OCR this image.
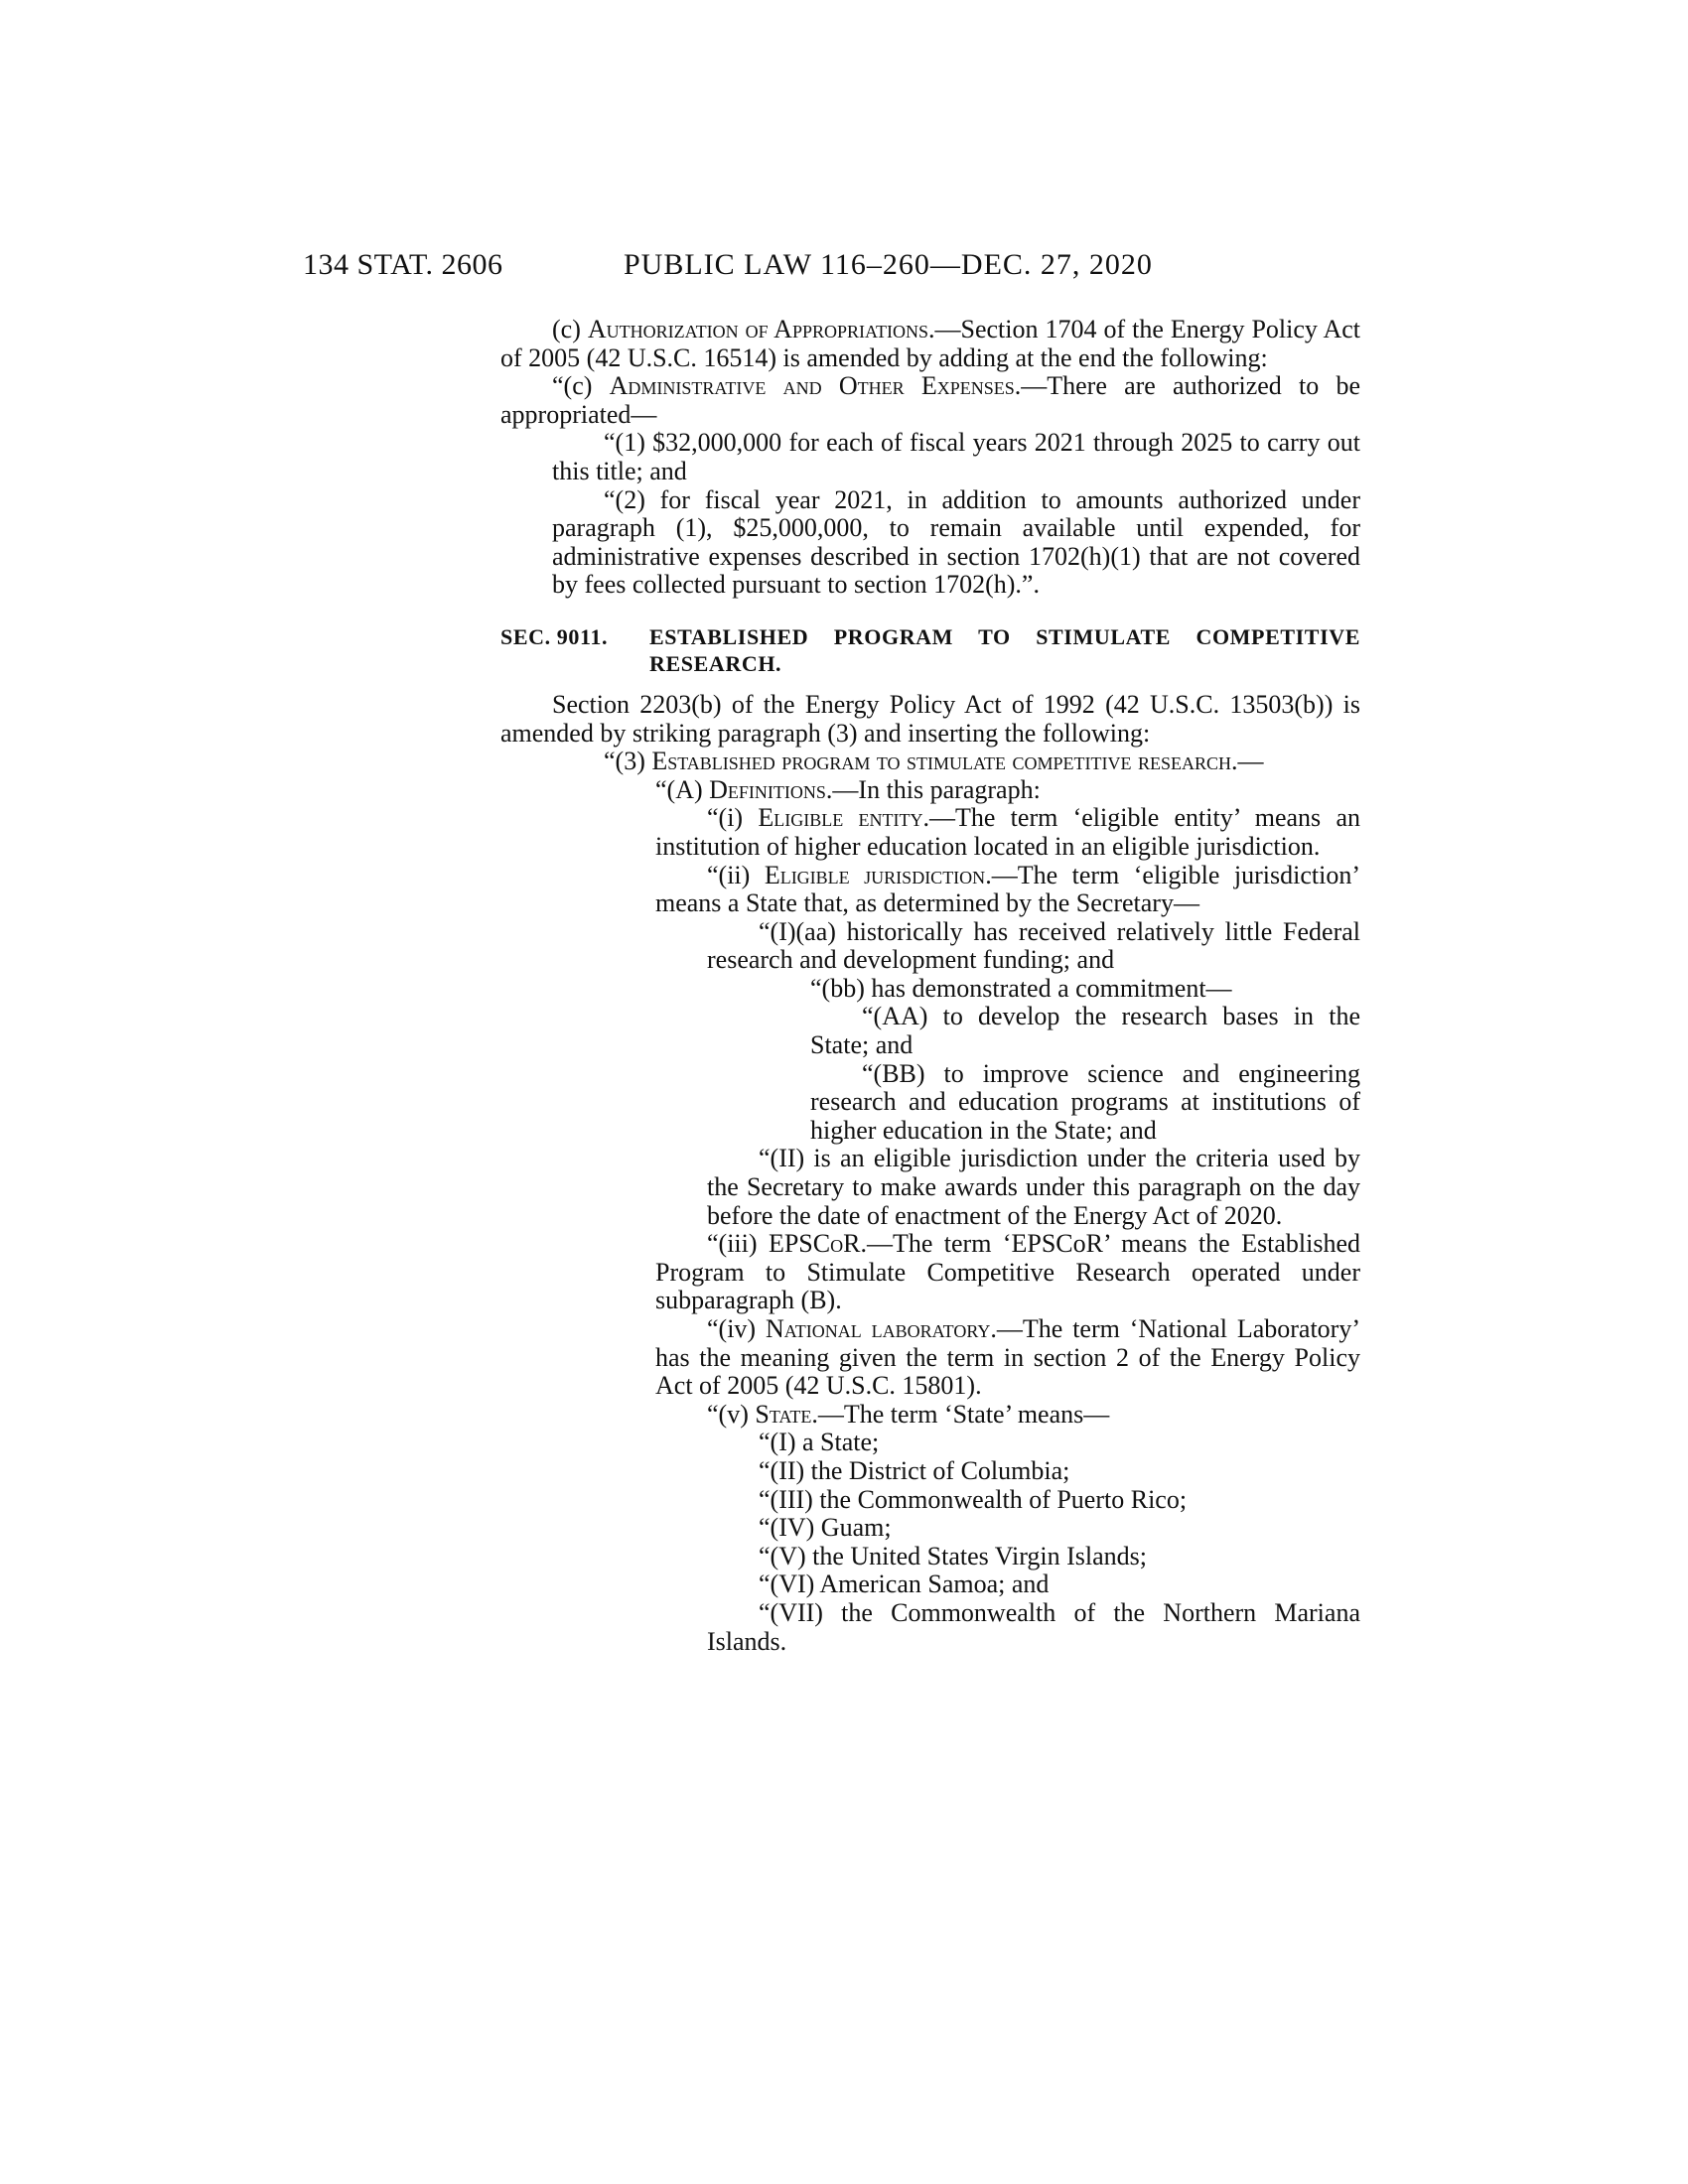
134 STAT. 2606	PUBLIC LAW 116–260—DEC. 27, 2020

(c) Authorization of Appropriations.—Section 1704 of the Energy Policy Act of 2005 (42 U.S.C. 16514) is amended by adding at the end the following:

“(c) Administrative and Other Expenses.—There are authorized to be appropriated—

“(1) $32,000,000 for each of fiscal years 2021 through 2025 to carry out this title; and

“(2) for fiscal year 2021, in addition to amounts authorized under paragraph (1), $25,000,000, to remain available until expended, for administrative expenses described in section 1702(h)(1) that are not covered by fees collected pursuant to section 1702(h).”.

SEC. 9011.	ESTABLISHED PROGRAM TO STIMULATE COMPETITIVE RESEARCH.

Section 2203(b) of the Energy Policy Act of 1992 (42 U.S.C. 13503(b)) is amended by striking paragraph (3) and inserting the following:

“(3) Established program to stimulate competitive research.—

“(A) Definitions.—In this paragraph:

“(i) Eligible entity.—The term ‘eligible entity’ means an institution of higher education located in an eligible jurisdiction.

“(ii) Eligible jurisdiction.—The term ‘eligible jurisdiction’ means a State that, as determined by the Secretary—

“(I)(aa) historically has received relatively little Federal research and development funding; and

“(bb) has demonstrated a commitment—

“(AA) to develop the research bases in the State; and

“(BB) to improve science and engineering research and education programs at institutions of higher education in the State; and

“(II) is an eligible jurisdiction under the criteria used by the Secretary to make awards under this paragraph on the day before the date of enactment of the Energy Act of 2020.

“(iii) EPSCoR.—The term ‘EPSCoR’ means the Established Program to Stimulate Competitive Research operated under subparagraph (B).

“(iv) National laboratory.—The term ‘National Laboratory’ has the meaning given the term in section 2 of the Energy Policy Act of 2005 (42 U.S.C. 15801).

“(v) State.—The term ‘State’ means—

“(I) a State;

“(II) the District of Columbia;

“(III) the Commonwealth of Puerto Rico;

“(IV) Guam;

“(V) the United States Virgin Islands;

“(VI) American Samoa; and

“(VII) the Commonwealth of the Northern Mariana Islands.
